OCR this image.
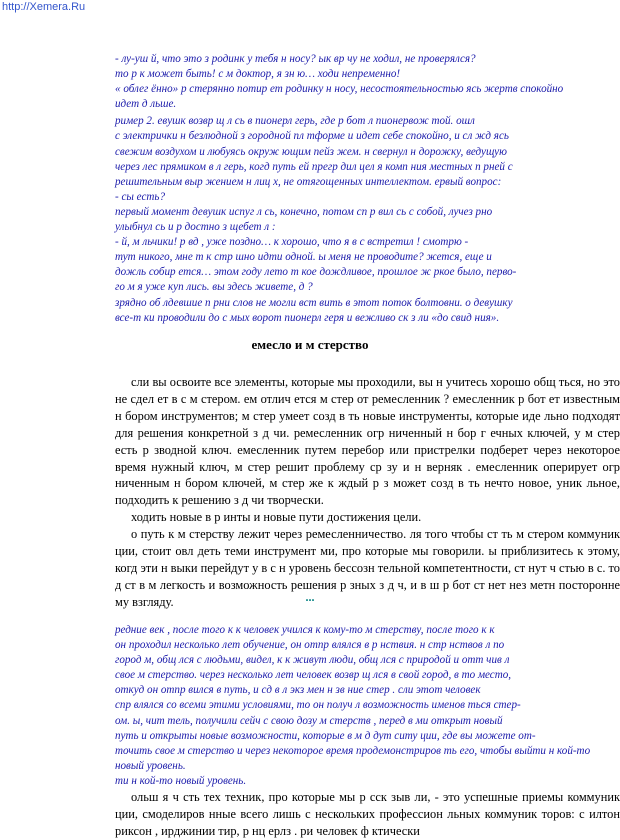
http://Xemera.Ru

- лу-уш й, что это з родинк у тебя н носу? ык вр чу не ходил, не проверялся?

то р к может быть! с м доктор, я зн ю… ходи непременно!

« облег ённо» р стерянно потир ет родинку н носу, несостоятельностью ясь жертв спокойно

идет д льше.

ример 2. евушк возвр щ л сь в пионерл герь, где р бот л пионервож той. ошл

с электрички н безлюдной з городной пл тформе и идет себе спокойно, и сл жд ясь

свежим воздухом и любуясь окруж ющим пейз жем. н свернул н дорожку, ведущую

через лес прямиком в л герь, когд путь ей прегр дил цел я комп ния местных п рней с

решительным выр жением н лиц х, не отягощенных интеллектом. ервый вопрос:

- сы есть?

первый момент девушк испуг л сь, конечно, потом сп р вил сь с собой, лучез рно

улыбнул сь и р достно з щебет л :

- й, м льчики! р вд , уже поздно… к хорошо, что я в с встретил ! смотрю -

тут никого, мне т к стр шно идти одной. ы меня не проводите? жется, еще и

дожль собир ется… этом году лето т кое дождливое, прошлое ж ркое было, перво-

го м я уже куп лись. вы здесь живете, д ?

зрядно об лдевшие п рни слов не могли вст вить в этот поток болтовни. о девушку

все-т ки проводили до с мых ворот пионерл геря и вежливо ск з ли «до свид ния».

емесло и м стерство

сли вы освоите все элементы, которые мы проходили, вы н учитесь хорошо общ ться, но это не сдел ет в с м стером. ем отлич ется м стер от ремесленник ? емесленник р бот ет известным н бором инструментов; м стер умеет созд в ть новые инструменты, которые иде льно подходят для решения конкретной з д чи. ремесленник огр ниченный н бор г ечных ключей, у м стер есть р зводной ключ. емесленник путем перебор или пристрелки подберет через некоторое время нужный ключ, м стер решит проблему ср зу и н верняк . емесленник оперирует огр ниченным н бором ключей, м стер же к ждый р з может созд в ть нечто новое, уник льное, подходить к решению з д чи творчески.

ходить новые в р инты и новые пути достижения цели.

о путь к м стерству лежит через ремесленничество. ля того чтобы ст ть м стером коммуник ции, стоит овл деть теми инструмент ми, про которые мы говорили. ы приблизитесь к этому, когд эти н выки перейдут у в с н уровень бессозн тельной компетентности, ст нут ч стью в с. то д ст в м легкость и возможность решения р зных з д ч, и в ш р бот ст нет нез метн посторонне му взгляду.	...

редние век , после того к к человек учился к кому-то м стерству, после того к к

он проходил несколько лет обучение, он отпр влялся в р нствия. н стр нствов л по

город м, общ лся с людьми, видел, к к живут люди, общ лся с природой и отт чив л

свое м стерство. через несколько лет человек возвр щ лся в свой город, в то место,

откуд он отпр вился в путь, и сд в л экз мен н зв ние стер . сли этот человек

спр влялся со всеми этими условиями, то он получ л возможность именов ться стер-

ом. ы, чит тель, получили сейч с свою дозу м стерств , перед в ми открыт новый

путь и открыты новые возможности, которые в м д дут ситу ции, где вы можете от-

точить свое м стерство и через некоторое время продемонстриров ть его, чтобы выйти н кой-то новый уровень.

ти н кой-то новый уровень.

ольш я ч сть тех техник, про которые мы р сск зыв ли, - это успешные приемы коммуник ции, смоделиров нные всего лишь с нескольких профессион льных коммуник торов: с илтон риксон , ирджинии тир, р нц ерлз . ри человек ф ктически
